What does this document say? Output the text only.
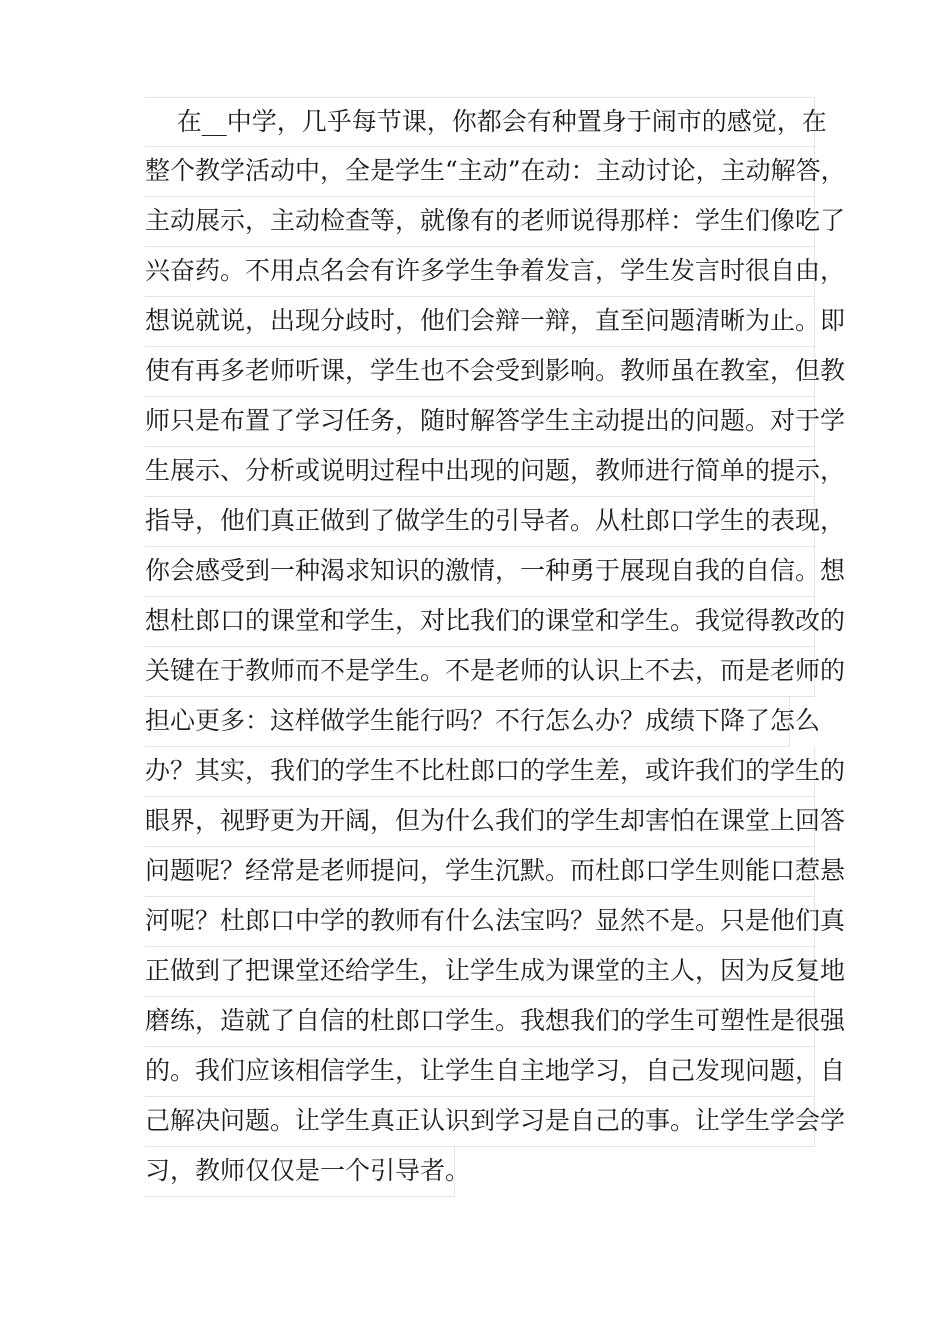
在__中学，几乎每节课，你都会有种置身于闹市的感觉，在
整个教学活动中，全是学生“主动”在动：主动讨论，主动解答，
主动展示，主动检查等，就像有的老师说得那样：学生们像吃了
兴奋药。不用点名会有许多学生争着发言，学生发言时很自由，
想说就说，出现分歧时，他们会辩一辩，直至问题清晰为止。即
使有再多老师听课，学生也不会受到影响。教师虽在教室，但教
师只是布置了学习任务，随时解答学生主动提出的问题。对于学
生展示、分析或说明过程中出现的问题，教师进行简单的提示，
指导，他们真正做到了做学生的引导者。从杜郎口学生的表现，
你会感受到一种渴求知识的激情，一种勇于展现自我的自信。想
想杜郎口的课堂和学生，对比我们的课堂和学生。我觉得教改的
关键在于教师而不是学生。不是老师的认识上不去，而是老师的
担心更多：这样做学生能行吗？不行怎么办？成绩下降了怎么
办？其实，我们的学生不比杜郎口的学生差，或许我们的学生的
眼界，视野更为开阔，但为什么我们的学生却害怕在课堂上回答
问题呢？经常是老师提问，学生沉默。而杜郎口学生则能口惹悬
河呢？杜郎口中学的教师有什么法宝吗？显然不是。只是他们真
正做到了把课堂还给学生，让学生成为课堂的主人，因为反复地
磨练，造就了自信的杜郎口学生。我想我们的学生可塑性是很强
的。我们应该相信学生，让学生自主地学习，自己发现问题，自
己解决问题。让学生真正认识到学习是自己的事。让学生学会学
习，教师仅仅是一个引导者。
